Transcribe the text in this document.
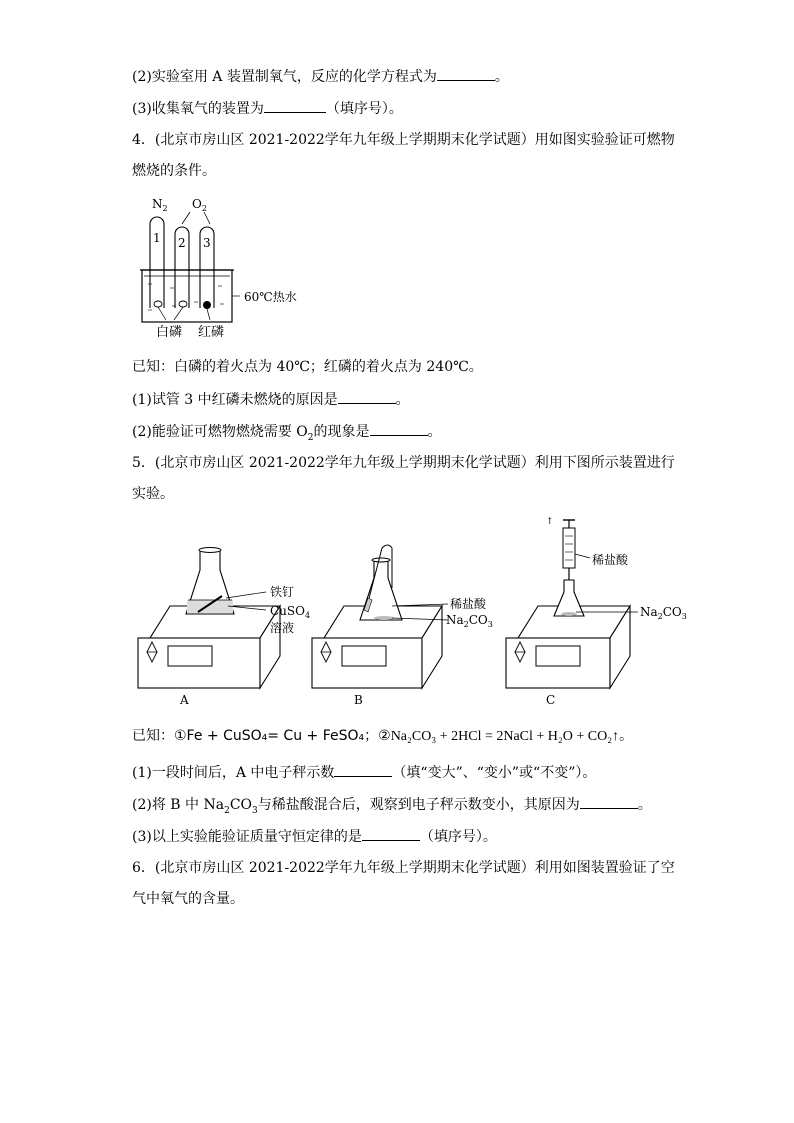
(2)实验室用 A 装置制氧气，反应的化学方程式为	。
(3)收集氧气的装置为	（填序号）。
4．(北京市房山区 2021-2022学年九年级上学期期末化学试题）用如图实验验证可燃物
燃烧的条件。
$N_2$ $O_2$
1 2 3
60℃热水
白磷 红磷
已知：白磷的着火点为 40℃；红磷的着火点为 240℃。
(1)试管 3 中红磷未燃烧的原因是	。
(2)能验证可燃物燃烧需要 $O_2$的现象是	。
5．(北京市房山区 2021-2022学年九年级上学期期末化学试题）利用下图所示装置进行
实验。
铁钉
CuSO$_4$
溶液
A
稀盐酸
$Na_2CO_3$
B
↑
稀盐酸
$Na_2CO_3$
C
已知：①Fe + CuSO₄= Cu + FeSO₄；②Na₂CO₃ + 2HCl = 2NaCl + H₂O + CO₂↑。
(1)一段时间后，A 中电子秤示数	（填“变大”、“变小”或“不变”）。
(2)将 B 中 $Na_2CO_3$与稀盐酸混合后，观察到电子秤示数变小，其原因为	。
(3)以上实验能验证质量守恒定律的是	（填序号）。
6．(北京市房山区 2021-2022学年九年级上学期期末化学试题）利用如图装置验证了空
气中氧气的含量。
